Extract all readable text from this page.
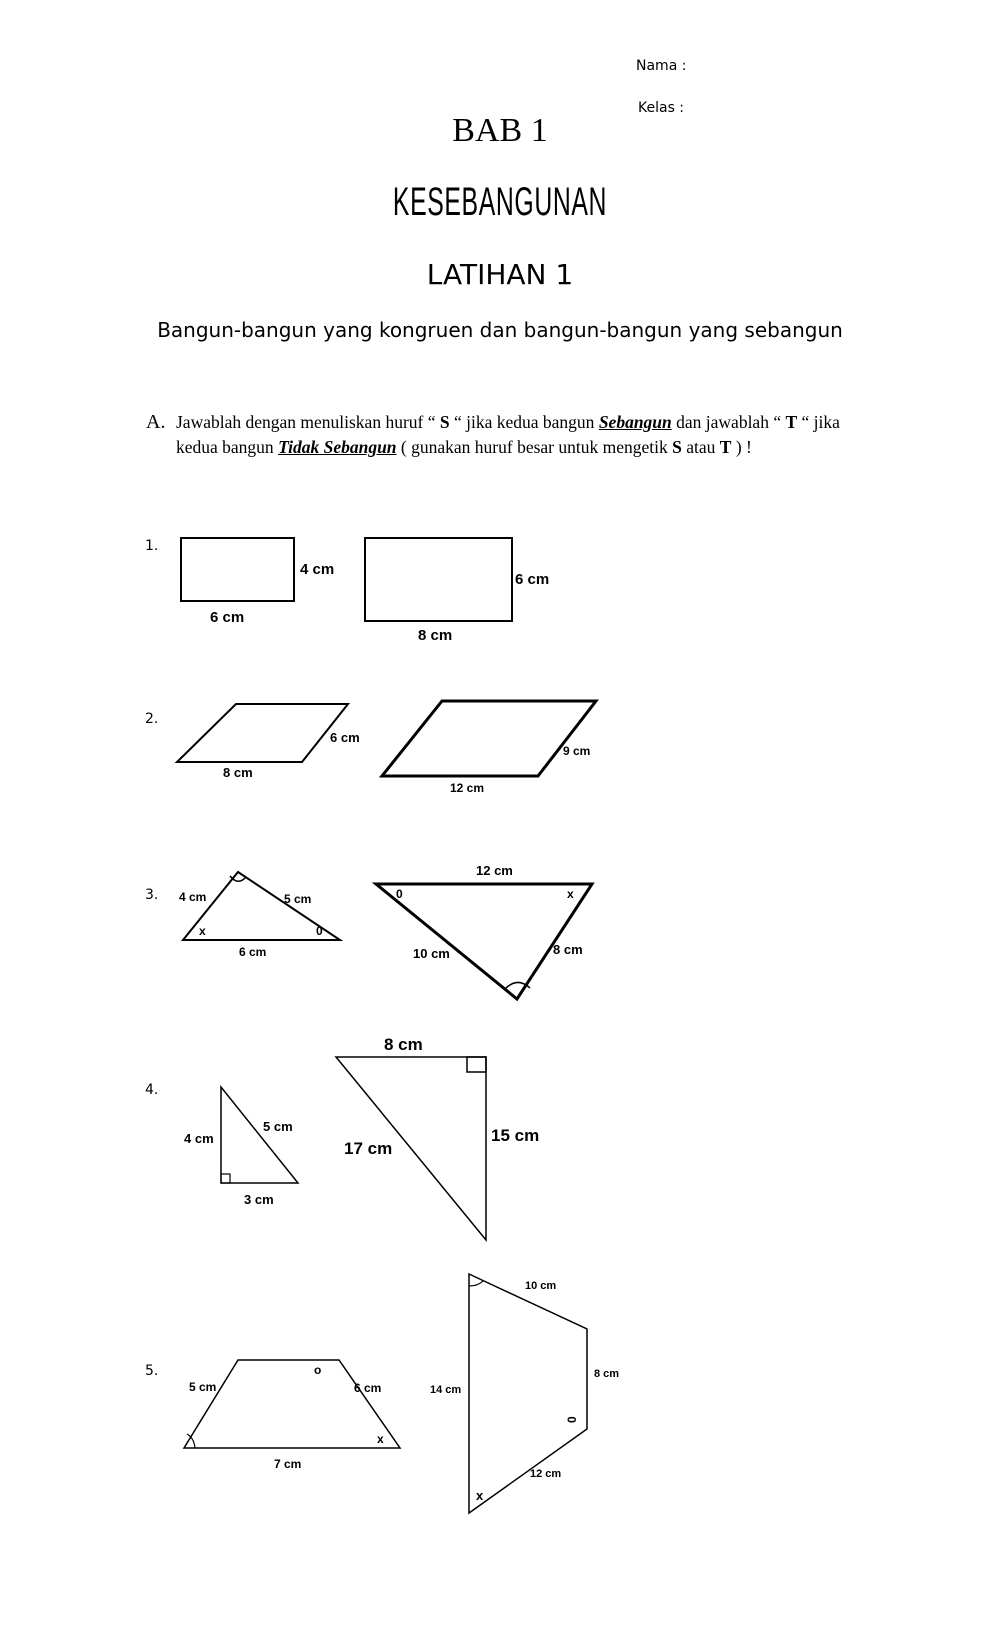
Nama :
Kelas :
BAB 1
KESEBANGUNAN
LATIHAN 1
Bangun-bangun yang kongruen dan bangun-bangun yang sebangun
A. Jawablah dengan menuliskan huruf “ S “ jika kedua bangun Sebangun dan jawablah “ T “ jika kedua bangun Tidak Sebangun ( gunakan huruf besar untuk mengetik S atau T ) !
1.
2.
3.
4.
5.
4 cm
6 cm
6 cm
8 cm
6 cm
8 cm
9 cm
12 cm
4 cm	5 cm
x	0
6 cm
12 cm
0	x
10 cm	8 cm
4 cm
5 cm
3 cm
8 cm
17 cm
15 cm
5 cm
o
6 cm
x
7 cm
10 cm
14 cm
8 cm
0
12 cm
x
